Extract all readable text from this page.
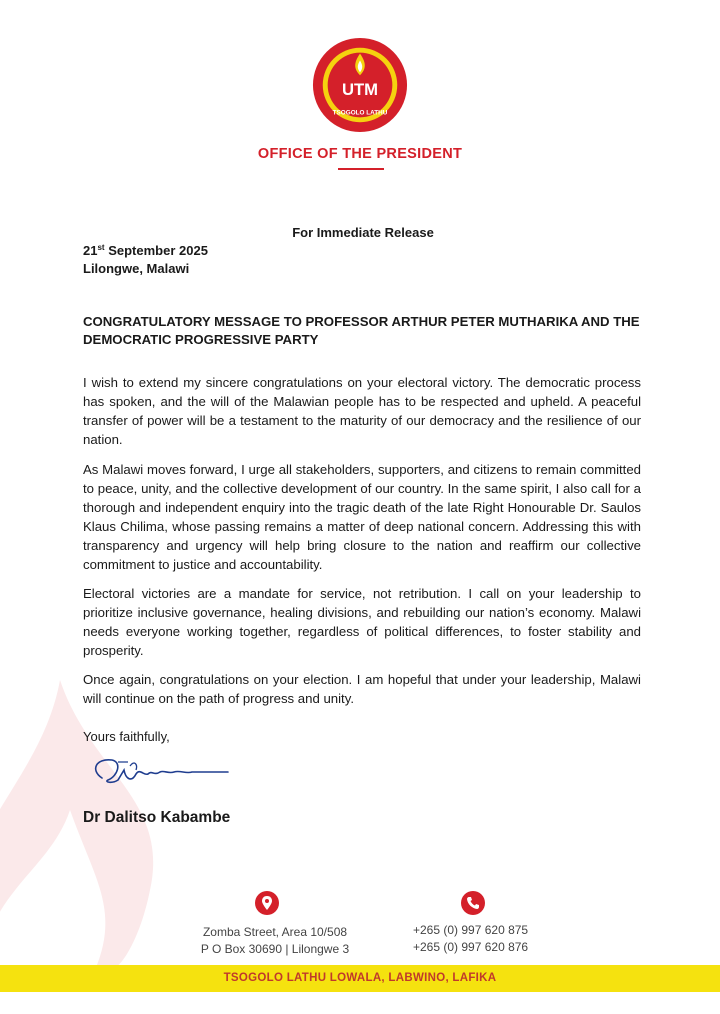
UTM
TSOGOLO LATHU
OFFICE OF THE PRESIDENT
For Immediate Release
21st September 2025
Lilongwe, Malawi
CONGRATULATORY MESSAGE TO PROFESSOR ARTHUR PETER MUTHARIKA AND THE DEMOCRATIC PROGRESSIVE PARTY

I wish to extend my sincere congratulations on your electoral victory. The democratic process has spoken, and the will of the Malawian people has to be respected and upheld. A peaceful transfer of power will be a testament to the maturity of our democracy and the resilience of our nation.

As Malawi moves forward, I urge all stakeholders, supporters, and citizens to remain committed to peace, unity, and the collective development of our country. In the same spirit, I also call for a thorough and independent enquiry into the tragic death of the late Right Honourable Dr. Saulos Klaus Chilima, whose passing remains a matter of deep national concern. Addressing this with transparency and urgency will help bring closure to the nation and reaffirm our collective commitment to justice and accountability.

Electoral victories are a mandate for service, not retribution. I call on your leadership to prioritize inclusive governance, healing divisions, and rebuilding our nation’s economy. Malawi needs everyone working together, regardless of political differences, to foster stability and prosperity.

Once again, congratulations on your election. I am hopeful that under your leadership, Malawi will continue on the path of progress and unity.

Yours faithfully,
Dr Dalitso Kabambe
Zomba Street, Area 10/508
P O Box 30690 | Lilongwe 3
+265 (0) 997 620 875
+265 (0) 997 620 876
TSOGOLO LATHU LOWALA, LABWINO, LAFIKA
